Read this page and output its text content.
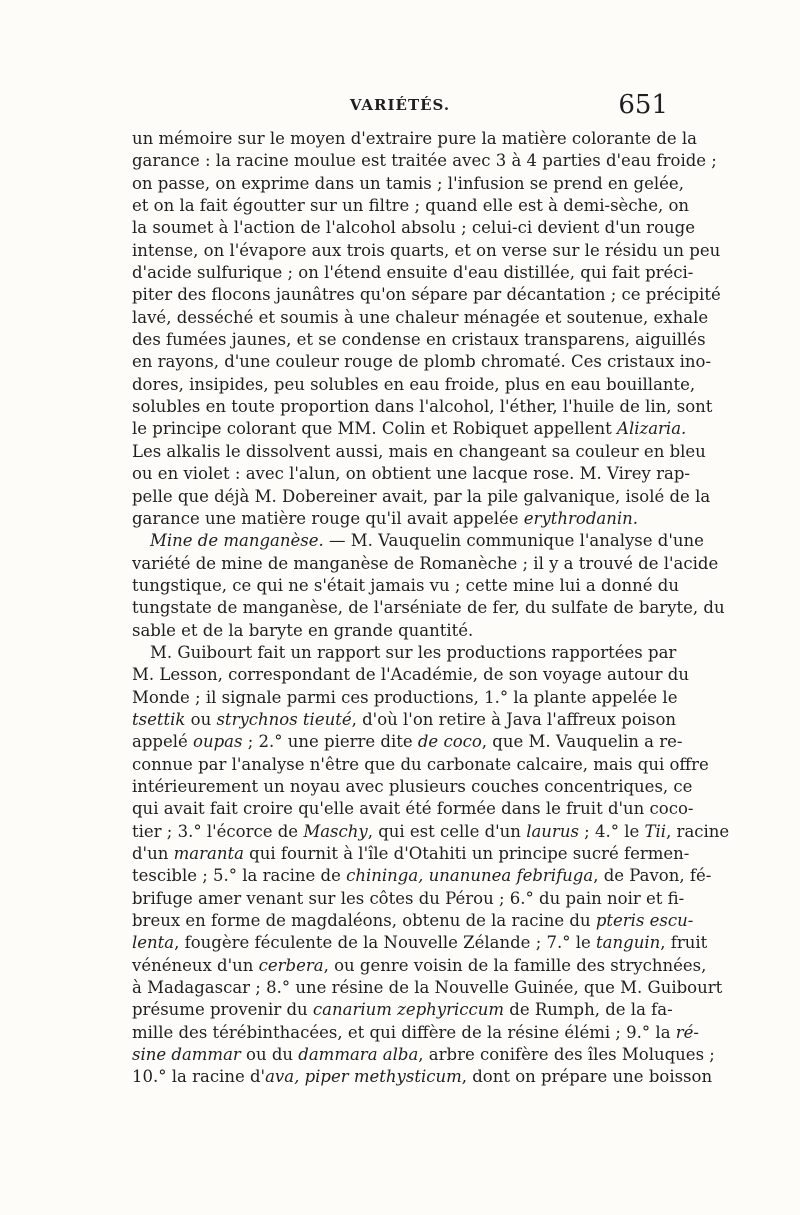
VARIÉTÉS.	651
un mémoire sur le moyen d'extraire pure la matière colorante de la
garance : la racine moulue est traitée avec 3 à 4 parties d'eau froide ;
on passe, on exprime dans un tamis ; l'infusion se prend en gelée,
et on la fait égoutter sur un filtre ; quand elle est à demi-sèche, on
la soumet à l'action de l'alcohol absolu ; celui-ci devient d'un rouge
intense, on l'évapore aux trois quarts, et on verse sur le résidu un peu
d'acide sulfurique ; on l'étend ensuite d'eau distillée, qui fait préci-
piter des flocons jaunâtres qu'on sépare par décantation ; ce précipité
lavé, desséché et soumis à une chaleur ménagée et soutenue, exhale
des fumées jaunes, et se condense en cristaux transparens, aiguillés
en rayons, d'une couleur rouge de plomb chromaté. Ces cristaux ino-
dores, insipides, peu solubles en eau froide, plus en eau bouillante,
solubles en toute proportion dans l'alcohol, l'éther, l'huile de lin, sont
le principe colorant que MM. Colin et Robiquet appellent Alizaria.
Les alkalis le dissolvent aussi, mais en changeant sa couleur en bleu
ou en violet : avec l'alun, on obtient une lacque rose. M. Virey rap-
pelle que déjà M. Dobereiner avait, par la pile galvanique, isolé de la
garance une matière rouge qu'il avait appelée erythrodanin.
Mine de manganèse. — M. Vauquelin communique l'analyse d'une
variété de mine de manganèse de Romanèche ; il y a trouvé de l'acide
tungstique, ce qui ne s'était jamais vu ; cette mine lui a donné du
tungstate de manganèse, de l'arséniate de fer, du sulfate de baryte, du
sable et de la baryte en grande quantité.
M. Guibourt fait un rapport sur les productions rapportées par
M. Lesson, correspondant de l'Académie, de son voyage autour du
Monde ; il signale parmi ces productions, 1.° la plante appelée le
tsettik ou strychnos tieuté, d'où l'on retire à Java l'affreux poison
appelé oupas ; 2.° une pierre dite de coco, que M. Vauquelin a re-
connue par l'analyse n'être que du carbonate calcaire, mais qui offre
intérieurement un noyau avec plusieurs couches concentriques, ce
qui avait fait croire qu'elle avait été formée dans le fruit d'un coco-
tier ; 3.° l'écorce de Maschy, qui est celle d'un laurus ; 4.° le Tii, racine
d'un maranta qui fournit à l'île d'Otahiti un principe sucré fermen-
tescible ; 5.° la racine de chininga, unanunea febrifuga, de Pavon, fé-
brifuge amer venant sur les côtes du Pérou ; 6.° du pain noir et fi-
breux en forme de magdaléons, obtenu de la racine du pteris escu-
lenta, fougère féculente de la Nouvelle Zélande ; 7.° le tanguin, fruit
vénéneux d'un cerbera, ou genre voisin de la famille des strychnées,
à Madagascar ; 8.° une résine de la Nouvelle Guinée, que M. Guibourt
présume provenir du canarium zephyriccum de Rumph, de la fa-
mille des térébinthacées, et qui diffère de la résine élémi ; 9.° la ré-
sine dammar ou du dammara alba, arbre conifère des îles Moluques ;
10.° la racine d'ava, piper methysticum, dont on prépare une boisson
